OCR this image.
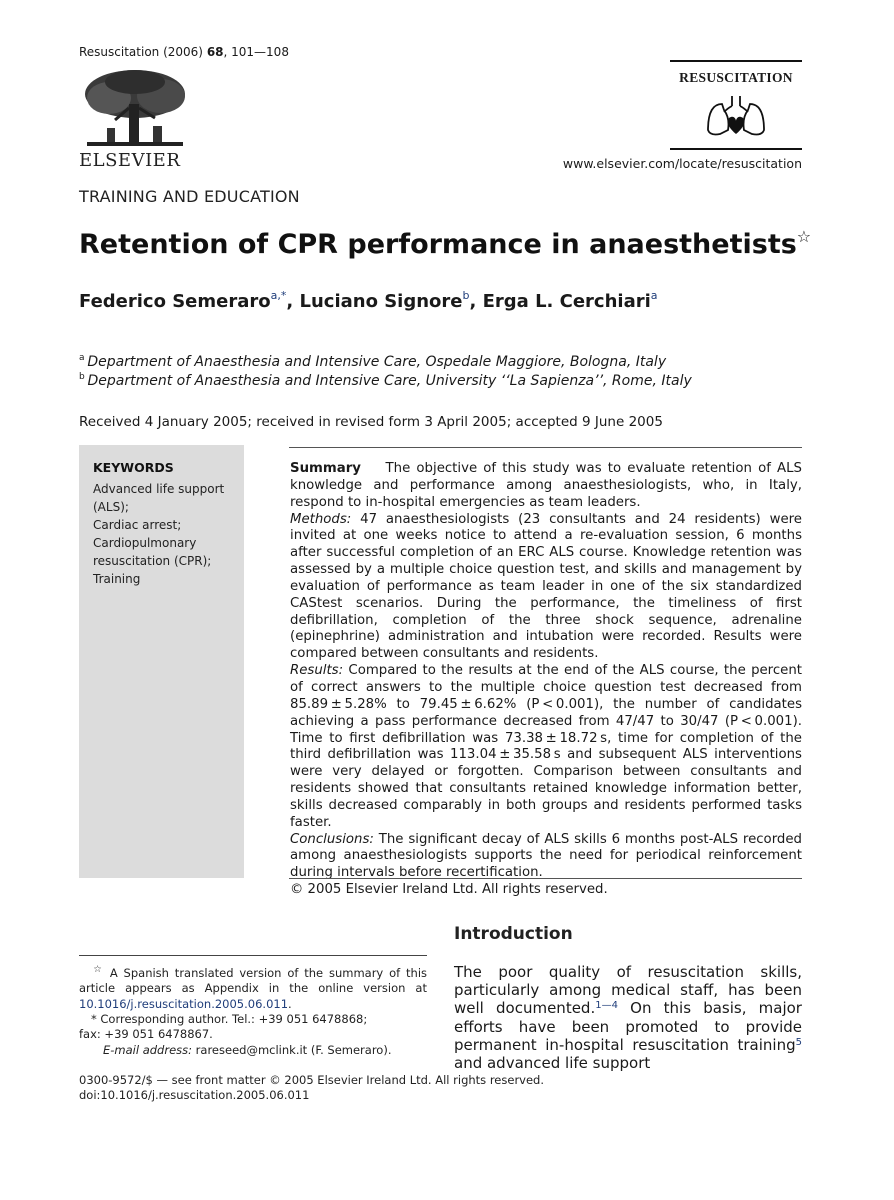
Resuscitation (2006) 68, 101—108
ELSEVIER
RESUSCITATION
www.elsevier.com/locate/resuscitation
TRAINING AND EDUCATION
Retention of CPR performance in anaesthetists☆
Federico Semeraro$^{a,*}$, Luciano Signore$^b$, Erga L. Cerchiari$^a$
$^a$  Department of Anaesthesia and Intensive Care, Ospedale Maggiore, Bologna, Italy
$^b$  Department of Anaesthesia and Intensive Care, University ‘‘La Sapienza’’, Rome, Italy
Received 4 January 2005; received in revised form 3 April 2005; accepted 9 June 2005
KEYWORDS
Advanced life support
(ALS);
Cardiac arrest;
Cardiopulmonary
resuscitation (CPR);
Training

Summary The objective of this study was to evaluate retention of ALS knowledge and performance among anaesthesiologists, who, in Italy, respond to in-hospital emergencies as team leaders.

Methods: 47 anaesthesiologists (23 consultants and 24 residents) were invited at one weeks notice to attend a re-evaluation session, 6 months after successful completion of an ERC ALS course. Knowledge retention was assessed by a multiple choice question test, and skills and management by evaluation of performance as team leader in one of the six standardized CAStest scenarios. During the performance, the timeliness of first defibrillation, completion of the three shock sequence, adrenaline (epinephrine) administration and intubation were recorded. Results were compared between consultants and residents.

Results: Compared to the results at the end of the ALS course, the percent of correct answers to the multiple choice question test decreased from 85.89 ± 5.28% to 79.45 ± 6.62% (P < 0.001), the number of candidates achieving a pass performance decreased from 47/47 to 30/47 (P < 0.001). Time to first defibrillation was 73.38 ± 18.72 s, time for completion of the third defibrillation was 113.04 ± 35.58 s and subsequent ALS interventions were very delayed or forgotten. Comparison between consultants and residents showed that consultants retained knowledge information better, skills decreased comparably in both groups and residents performed tasks faster.

Conclusions: The significant decay of ALS skills 6 months post-ALS recorded among anaesthesiologists supports the need for periodical reinforcement during intervals before recertification.

© 2005 Elsevier Ireland Ltd. All rights reserved.

Introduction
The poor quality of resuscitation skills, particularly among medical staff, has been well documented.$^{1—4}$ On this basis, major efforts have been promoted to provide permanent in-hospital resuscitation training$^5$ and advanced life support
☆ A Spanish translated version of the summary of this article appears as Appendix in the online version at 10.1016/j.resuscitation.2005.06.011.
* Corresponding author. Tel.: +39 051 6478868;
fax: +39 051 6478867.
E-mail address: rareseed@mclink.it (F. Semeraro).
0300-9572/$ — see front matter © 2005 Elsevier Ireland Ltd. All rights reserved.
doi:10.1016/j.resuscitation.2005.06.011
